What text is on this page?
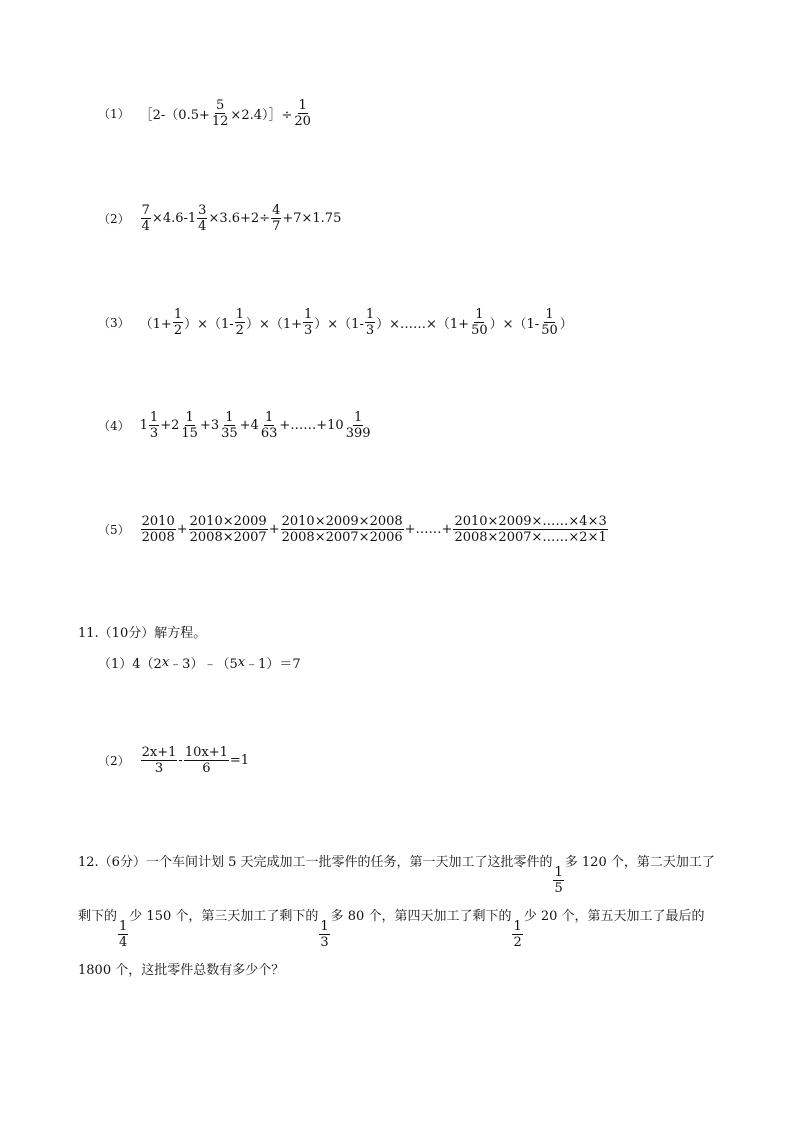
（1） ［2-（0.5+ $\frac{5}{12}$ ×2.4）］÷ $\frac{1}{20}$
$(2) \frac{7}{4} \times 4.6-1 \frac{3}{4} \times 3.6+2\div \frac{4}{7} +7\times 1.75$
（3） $(1+ \frac{1}{2} )\times(1- \frac{1}{2} )\times(1+ \frac{1}{3} )\times(1- \frac{1}{3}$ ）×……×（1+ $\frac{1}{50} )\times(1- \frac{1}{50}$ ）
（4） $1 \frac{1}{3} +2 \frac{1}{15} +3 \frac{1}{35} +4 \frac{1}{63}$ +……+10 $\frac{1}{399}$
$(5) \frac{2010}{2008} + \frac{2010\times 2009}{2008\times 2007} + \frac{2010\times 2009\times 2008}{2008\times 2007\times 2006}$ +……+ $\frac{2010\times 2009\times\dots\dots\times 4\times 3}{2008\times 2007\times\dots\dots\times 2\times 1}$
11.（10分）解方程。
（1）4（2 x ﹣3）﹣（5 x ﹣1）＝7
$(2) \frac{2x+1}{3} - \frac{10x+1}{6} =1$
12.（6分）一个车间计划 5 天完成加工一批零件的任务，第一天加工了这批零件的
$\frac{1}{5}$
多 120 个，第二天加工了剩下的
$\frac{1}{4}$
少 150 个，第三天加工了剩下的
$\frac{1}{3}$
多 80 个，第四天加工了剩下的
$\frac{1}{2}$
少 20 个，第五天加工了最后的 1800 个，这批零件总数有多少个？
